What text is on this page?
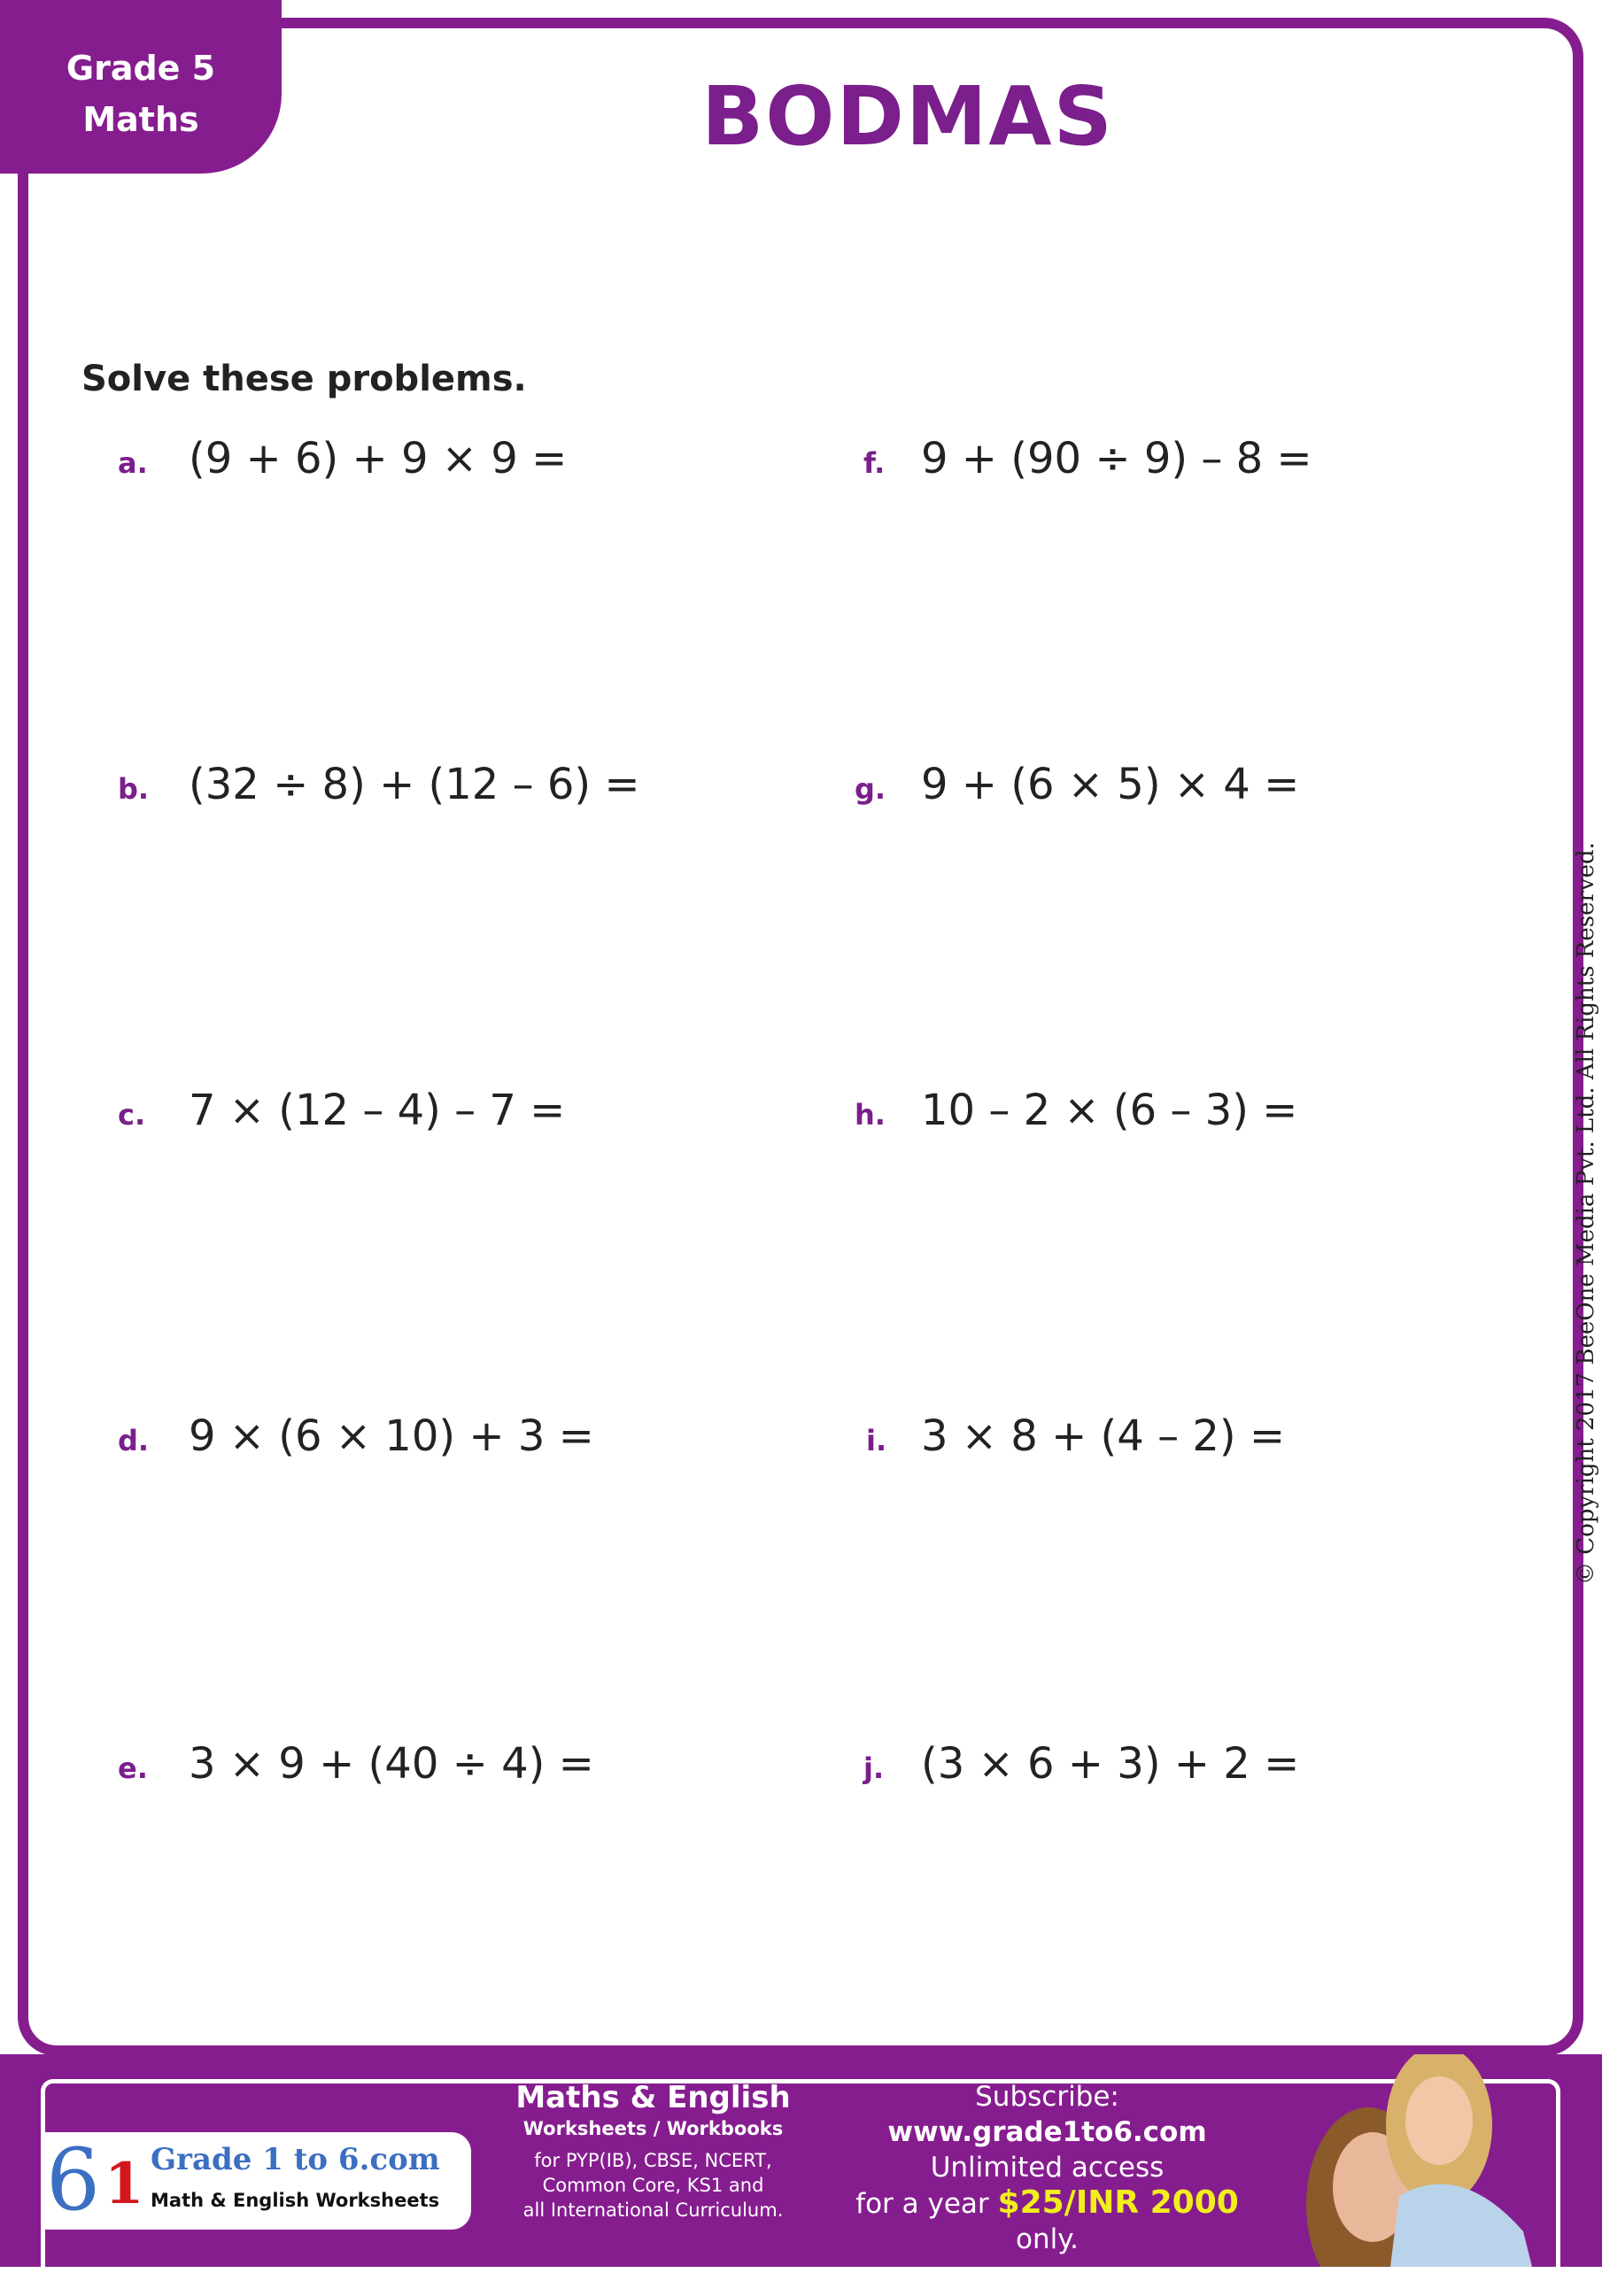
Grade 5
Maths	BODMAS
Solve these problems.
a. (9 + 6) + 9 × 9 =
b. (32 ÷ 8) + (12 – 6) =
c. 7 × (12 – 4) – 7 =
d. 9 × (6 × 10) + 3 =
e. 3 × 9 + (40 ÷ 4) =
f. 9 + (90 ÷ 9) – 8 =
g. 9 + (6 × 5) × 4 =
h. 10 – 2 × (6 – 3) =
i. 3 × 8 + (4 – 2) =
j. (3 × 6 + 3) + 2 =
© Copyright 2017 BeeOne Media Pvt. Ltd. All Rights Reserved.
6 1 Grade 1 to 6.com
Math & English Worksheets
Maths & English
Worksheets / Workbooks
for PYP(IB), CBSE, NCERT,
Common Core, KS1 and
all International Curriculum.
Subscribe:
www.grade1to6.com
Unlimited access
for a year $25/INR 2000 only.
